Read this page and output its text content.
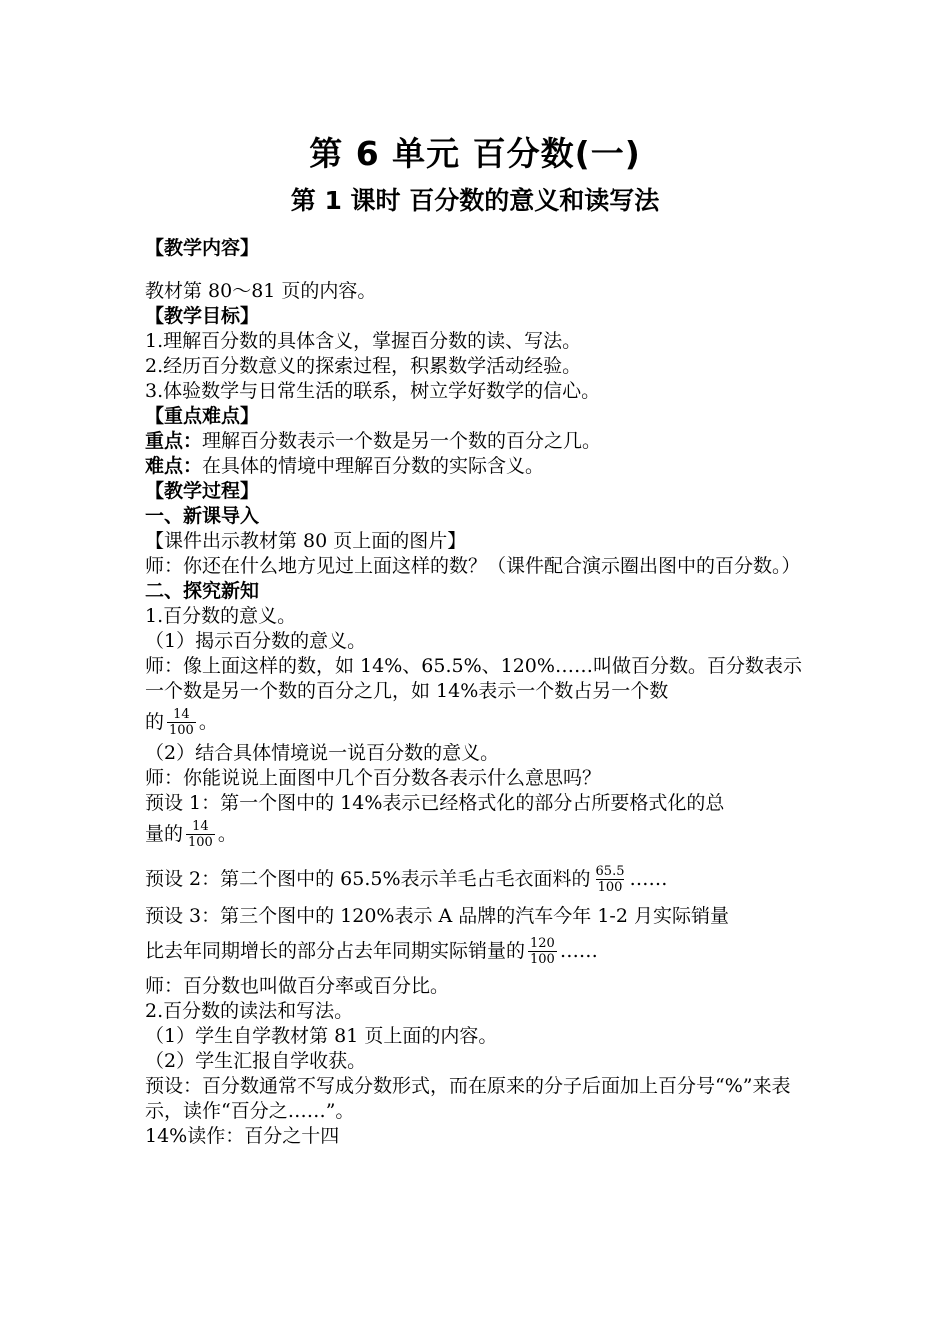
第 6 单元 百分数(一)
第 1 课时 百分数的意义和读写法
【教学内容】
教材第 80～81 页的内容。
【教学目标】
1.理解百分数的具体含义，掌握百分数的读、写法。
2.经历百分数意义的探索过程，积累数学活动经验。
3.体验数学与日常生活的联系，树立学好数学的信心。
【重点难点】
重点：理解百分数表示一个数是另一个数的百分之几。
难点：在具体的情境中理解百分数的实际含义。
【教学过程】
一、新课导入
【课件出示教材第 80 页上面的图片】
师：你还在什么地方见过上面这样的数？（课件配合演示圈出图中的百分数。）
二、探究新知
1.百分数的意义。
（1）揭示百分数的意义。
师：像上面这样的数，如 14%、65.5%、120%……叫做百分数。百分数表示一个数是另一个数的百分之几，如 14%表示一个数占另一个数
的 $\frac{14}{100}$ 。
（2）结合具体情境说一说百分数的意义。
师：你能说说上面图中几个百分数各表示什么意思吗？
预设 1：第一个图中的 14%表示已经格式化的部分占所要格式化的总
量的 $\frac{14}{100}$ 。
预设 2：第二个图中的 65.5%表示羊毛占毛衣面料的 $\frac{65.5}{100}$ ……
预设 3：第三个图中的 120%表示 A 品牌的汽车今年 1-2 月实际销量
比去年同期增长的部分占去年同期实际销量的 $\frac{120}{100}$ ……
师：百分数也叫做百分率或百分比。
2.百分数的读法和写法。
（1）学生自学教材第 81 页上面的内容。
（2）学生汇报自学收获。
预设：百分数通常不写成分数形式，而在原来的分子后面加上百分号“%”来表示，读作“百分之……”。
14%读作：百分之十四
